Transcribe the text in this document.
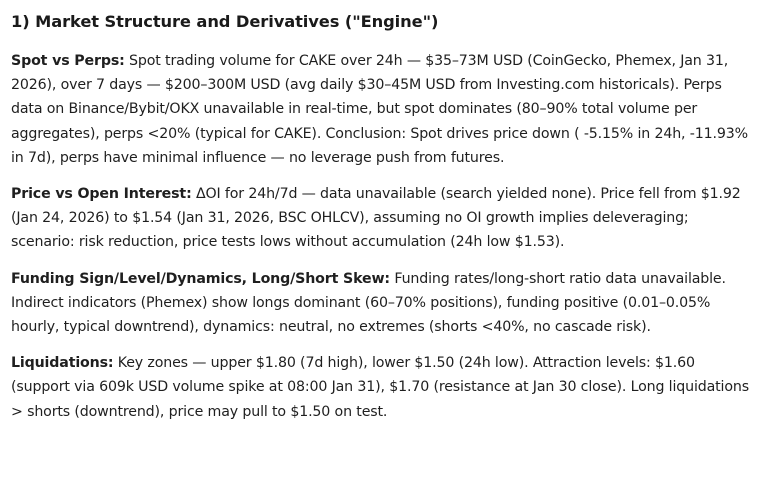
1) Market Structure and Derivatives ("Engine")

Spot vs Perps: Spot trading volume for CAKE over 24h — $35–73M USD (CoinGecko, Phemex, Jan 31, 2026), over 7 days — $200–300M USD (avg daily $30–45M USD from Investing.com historicals). Perps data on Binance/Bybit/OKX unavailable in real-time, but spot dominates (80–90% total volume per aggregates), perps <20% (typical for CAKE). Conclusion: Spot drives price down ( -5.15% in 24h, -11.93% in 7d), perps have minimal influence — no leverage push from futures.

Price vs Open Interest: ΔOI for 24h/7d — data unavailable (search yielded none). Price fell from $1.92 (Jan 24, 2026) to $1.54 (Jan 31, 2026, BSC OHLCV), assuming no OI growth implies deleveraging; scenario: risk reduction, price tests lows without accumulation (24h low $1.53).

Funding Sign/Level/Dynamics, Long/Short Skew: Funding rates/long-short ratio data unavailable. Indirect indicators (Phemex) show longs dominant (60–70% positions), funding positive (0.01–0.05% hourly, typical downtrend), dynamics: neutral, no extremes (shorts <40%, no cascade risk).

Liquidations: Key zones — upper $1.80 (7d high), lower $1.50 (24h low). Attraction levels: $1.60 (support via 609k USD volume spike at 08:00 Jan 31), $1.70 (resistance at Jan 30 close). Long liquidations > shorts (downtrend), price may pull to $1.50 on test.
